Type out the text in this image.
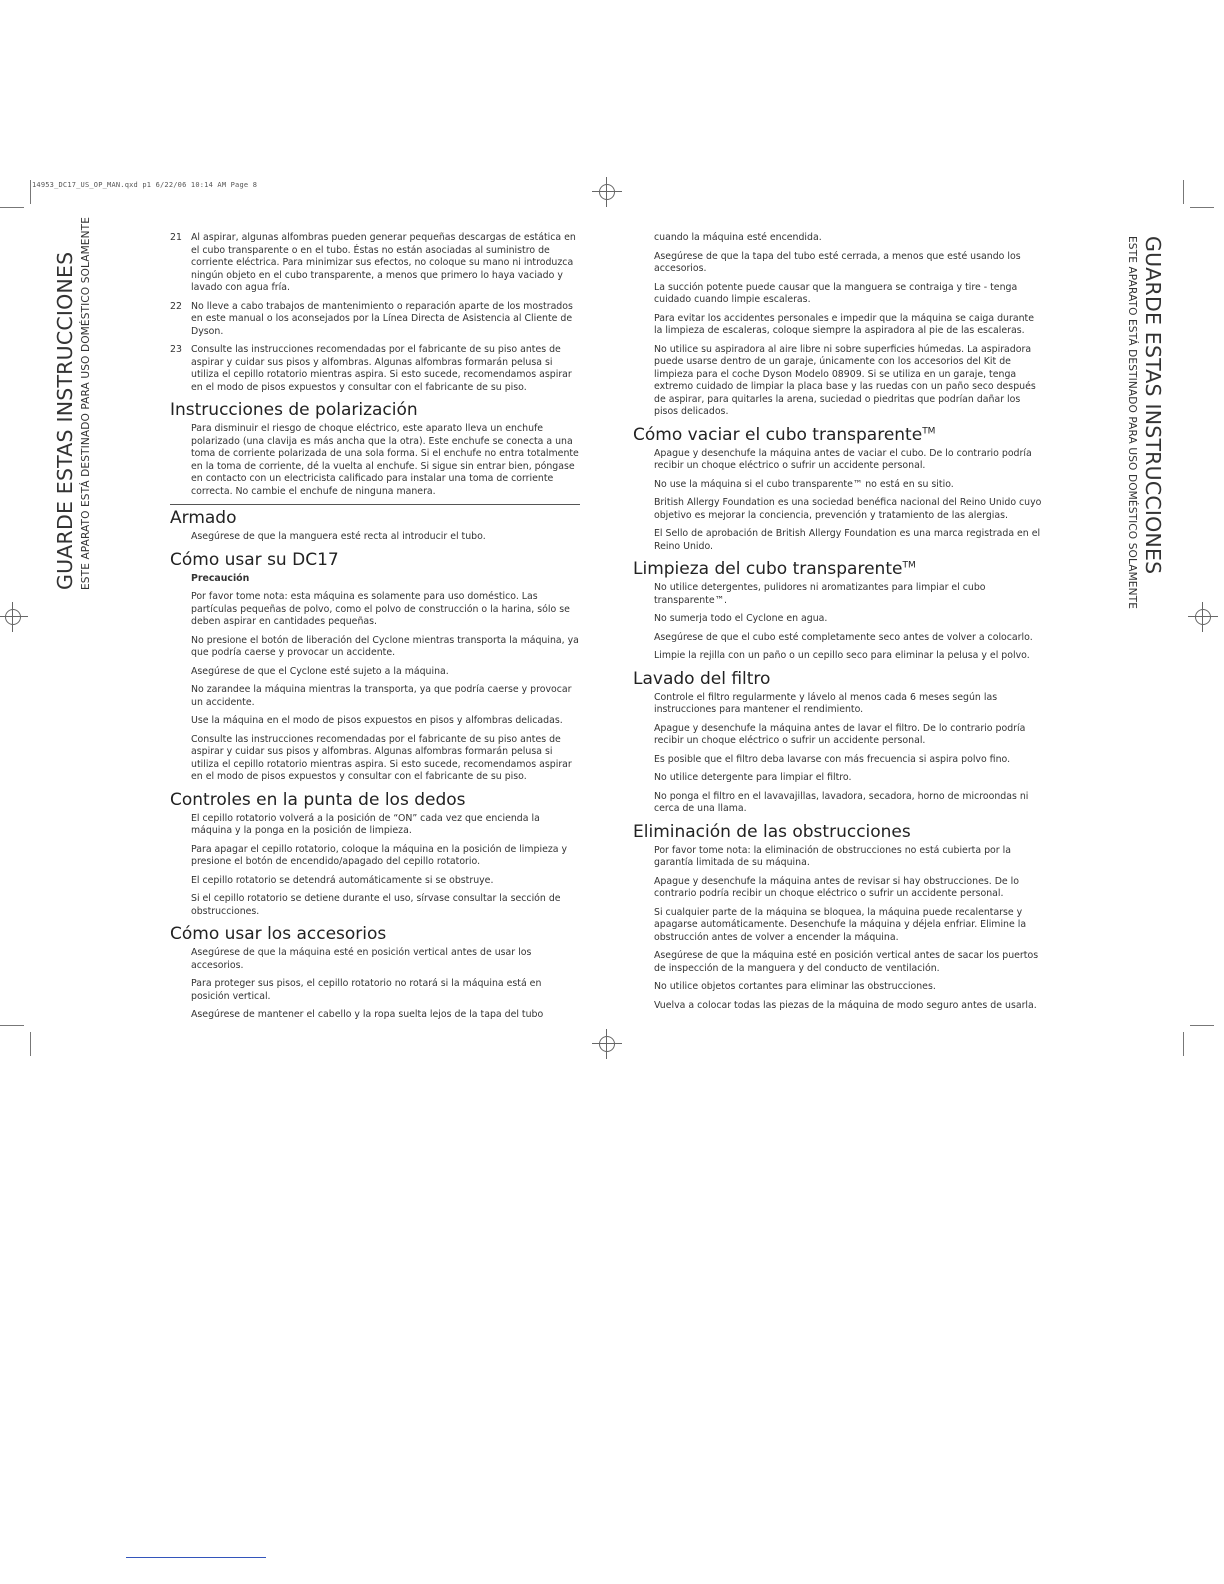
14953_DC17_US_OP_MAN.qxd p1 6/22/06 10:14 AM Page 8
GUARDE ESTAS INSTRUCCIONES ESTE APARATO ESTÁ DESTINADO PARA USO DOMÉSTICO SOLAMENTE	GUARDE ESTAS INSTRUCCIONES
ESTE APARATO ESTÁ DESTINADO PARA USO DOMÉSTICO SOLAMENTE
21 Al aspirar, algunas alfombras pueden generar pequeñas descargas de estática en el cubo transparente o en el tubo. Éstas no están asociadas al suministro de corriente eléctrica. Para minimizar sus efectos, no coloque su mano ni introduzca ningún objeto en el cubo transparente, a menos que primero lo haya vaciado y lavado con agua fría.
22 No lleve a cabo trabajos de mantenimiento o reparación aparte de los mostrados en este manual o los aconsejados por la Línea Directa de Asistencia al Cliente de Dyson.
23 Consulte las instrucciones recomendadas por el fabricante de su piso antes de aspirar y cuidar sus pisos y alfombras. Algunas alfombras formarán pelusa si utiliza el cepillo rotatorio mientras aspira. Si esto sucede, recomendamos aspirar en el modo de pisos expuestos y consultar con el fabricante de su piso.
Instrucciones de polarización

Para disminuir el riesgo de choque eléctrico, este aparato lleva un enchufe polarizado (una clavija es más ancha que la otra). Este enchufe se conecta a una toma de corriente polarizada de una sola forma. Si el enchufe no entra totalmente en la toma de corriente, dé la vuelta al enchufe. Si sigue sin entrar bien, póngase en contacto con un electricista calificado para instalar una toma de corriente correcta. No cambie el enchufe de ninguna manera.

Armado

Asegúrese de que la manguera esté recta al introducir el tubo.

Cómo usar su DC17

Precaución

Por favor tome nota: esta máquina es solamente para uso doméstico. Las partículas pequeñas de polvo, como el polvo de construcción o la harina, sólo se deben aspirar en cantidades pequeñas.

No presione el botón de liberación del Cyclone mientras transporta la máquina, ya que podría caerse y provocar un accidente.

Asegúrese de que el Cyclone esté sujeto a la máquina.

No zarandee la máquina mientras la transporta, ya que podría caerse y provocar un accidente.

Use la máquina en el modo de pisos expuestos en pisos y alfombras delicadas.

Consulte las instrucciones recomendadas por el fabricante de su piso antes de aspirar y cuidar sus pisos y alfombras. Algunas alfombras formarán pelusa si utiliza el cepillo rotatorio mientras aspira. Si esto sucede, recomendamos aspirar en el modo de pisos expuestos y consultar con el fabricante de su piso.

Controles en la punta de los dedos

El cepillo rotatorio volverá a la posición de “ON” cada vez que encienda la máquina y la ponga en la posición de limpieza.

Para apagar el cepillo rotatorio, coloque la máquina en la posición de limpieza y presione el botón de encendido/apagado del cepillo rotatorio.

El cepillo rotatorio se detendrá automáticamente si se obstruye.

Si el cepillo rotatorio se detiene durante el uso, sírvase consultar la sección de obstrucciones.

Cómo usar los accesorios

Asegúrese de que la máquina esté en posición vertical antes de usar los accesorios.

Para proteger sus pisos, el cepillo rotatorio no rotará si la máquina está en posición vertical.

Asegúrese de mantener el cabello y la ropa suelta lejos de la tapa del tubo

cuando la máquina esté encendida.

Asegúrese de que la tapa del tubo esté cerrada, a menos que esté usando los accesorios.

La succión potente puede causar que la manguera se contraiga y tire - tenga cuidado cuando limpie escaleras.

Para evitar los accidentes personales e impedir que la máquina se caiga durante la limpieza de escaleras, coloque siempre la aspiradora al pie de las escaleras.

No utilice su aspiradora al aire libre ni sobre superficies húmedas. La aspiradora puede usarse dentro de un garaje, únicamente con los accesorios del Kit de limpieza para el coche Dyson Modelo 08909. Si se utiliza en un garaje, tenga extremo cuidado de limpiar la placa base y las ruedas con un paño seco después de aspirar, para quitarles la arena, suciedad o piedritas que podrían dañar los pisos delicados.

Cómo vaciar el cubo transparente™

Apague y desenchufe la máquina antes de vaciar el cubo. De lo contrario podría recibir un choque eléctrico o sufrir un accidente personal.

No use la máquina si el cubo transparente™ no está en su sitio.

British Allergy Foundation es una sociedad benéfica nacional del Reino Unido cuyo objetivo es mejorar la conciencia, prevención y tratamiento de las alergias.

El Sello de aprobación de British Allergy Foundation es una marca registrada en el Reino Unido.

Limpieza del cubo transparente™

No utilice detergentes, pulidores ni aromatizantes para limpiar el cubo transparente™.

No sumerja todo el Cyclone en agua.

Asegúrese de que el cubo esté completamente seco antes de volver a colocarlo.

Limpie la rejilla con un paño o un cepillo seco para eliminar la pelusa y el polvo.

Lavado del filtro

Controle el filtro regularmente y lávelo al menos cada 6 meses según las instrucciones para mantener el rendimiento.

Apague y desenchufe la máquina antes de lavar el filtro. De lo contrario podría recibir un choque eléctrico o sufrir un accidente personal.

Es posible que el filtro deba lavarse con más frecuencia si aspira polvo fino.

No utilice detergente para limpiar el filtro.

No ponga el filtro en el lavavajillas, lavadora, secadora, horno de microondas ni cerca de una llama.

Eliminación de las obstrucciones

Por favor tome nota: la eliminación de obstrucciones no está cubierta por la garantía limitada de su máquina.

Apague y desenchufe la máquina antes de revisar si hay obstrucciones. De lo contrario podría recibir un choque eléctrico o sufrir un accidente personal.

Si cualquier parte de la máquina se bloquea, la máquina puede recalentarse y apagarse automáticamente. Desenchufe la máquina y déjela enfriar. Elimine la obstrucción antes de volver a encender la máquina.

Asegúrese de que la máquina esté en posición vertical antes de sacar los puertos de inspección de la manguera y del conducto de ventilación.

No utilice objetos cortantes para eliminar las obstrucciones.

Vuelva a colocar todas las piezas de la máquina de modo seguro antes de usarla.
